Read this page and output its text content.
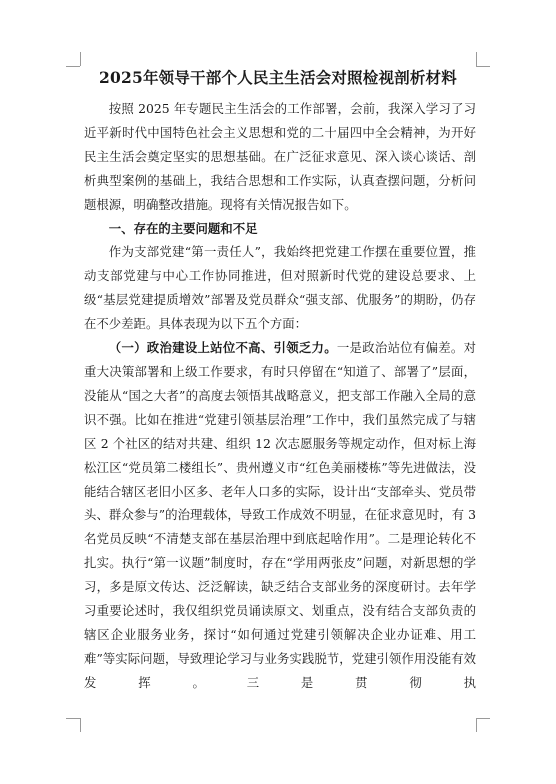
2025年领导干部个人民主生活会对照检视剖析材料

按照 2025 年专题民主生活会的工作部署，会前，我深入学习了习近平新时代中国特色社会主义思想和党的二十届四中全会精神，为开好民主生活会奠定坚实的思想基础。在广泛征求意见、深入谈心谈话、剖析典型案例的基础上，我结合思想和工作实际，认真查摆问题，分析问题根源，明确整改措施。现将有关情况报告如下。

一、存在的主要问题和不足

作为支部党建“第一责任人”，我始终把党建工作摆在重要位置，推动支部党建与中心工作协同推进，但对照新时代党的建设总要求、上级“基层党建提质增效”部署及党员群众“强支部、优服务”的期盼，仍存在不少差距。具体表现为以下五个方面：

（一）政治建设上站位不高、引领乏力。一是政治站位有偏差。对重大决策部署和上级工作要求，有时只停留在“知道了、部署了”层面，没能从“国之大者”的高度去领悟其战略意义，把支部工作融入全局的意识不强。比如在推进“党建引领基层治理”工作中，我们虽然完成了与辖区 2 个社区的结对共建、组织 12 次志愿服务等规定动作，但对标上海松江区“党员第二楼组长”、贵州遵义市“红色美丽楼栋”等先进做法，没能结合辖区老旧小区多、老年人口多的实际，设计出“支部牵头、党员带头、群众参与”的治理载体，导致工作成效不明显，在征求意见时，有 3名党员反映“不清楚支部在基层治理中到底起啥作用”。二是理论转化不扎实。执行“第一议题”制度时，存在“学用两张皮”问题，对新思想的学习，多是原文传达、泛泛解读，缺乏结合支部业务的深度研讨。去年学习重要论述时，我仅组织党员诵读原文、划重点，没有结合支部负责的辖区企业服务业务，探讨“如何通过党建引领解决企业办证难、用工难”等实际问题，导致理论学习与业务实践脱节，党建引领作用没能有效发挥。三是贯彻执
